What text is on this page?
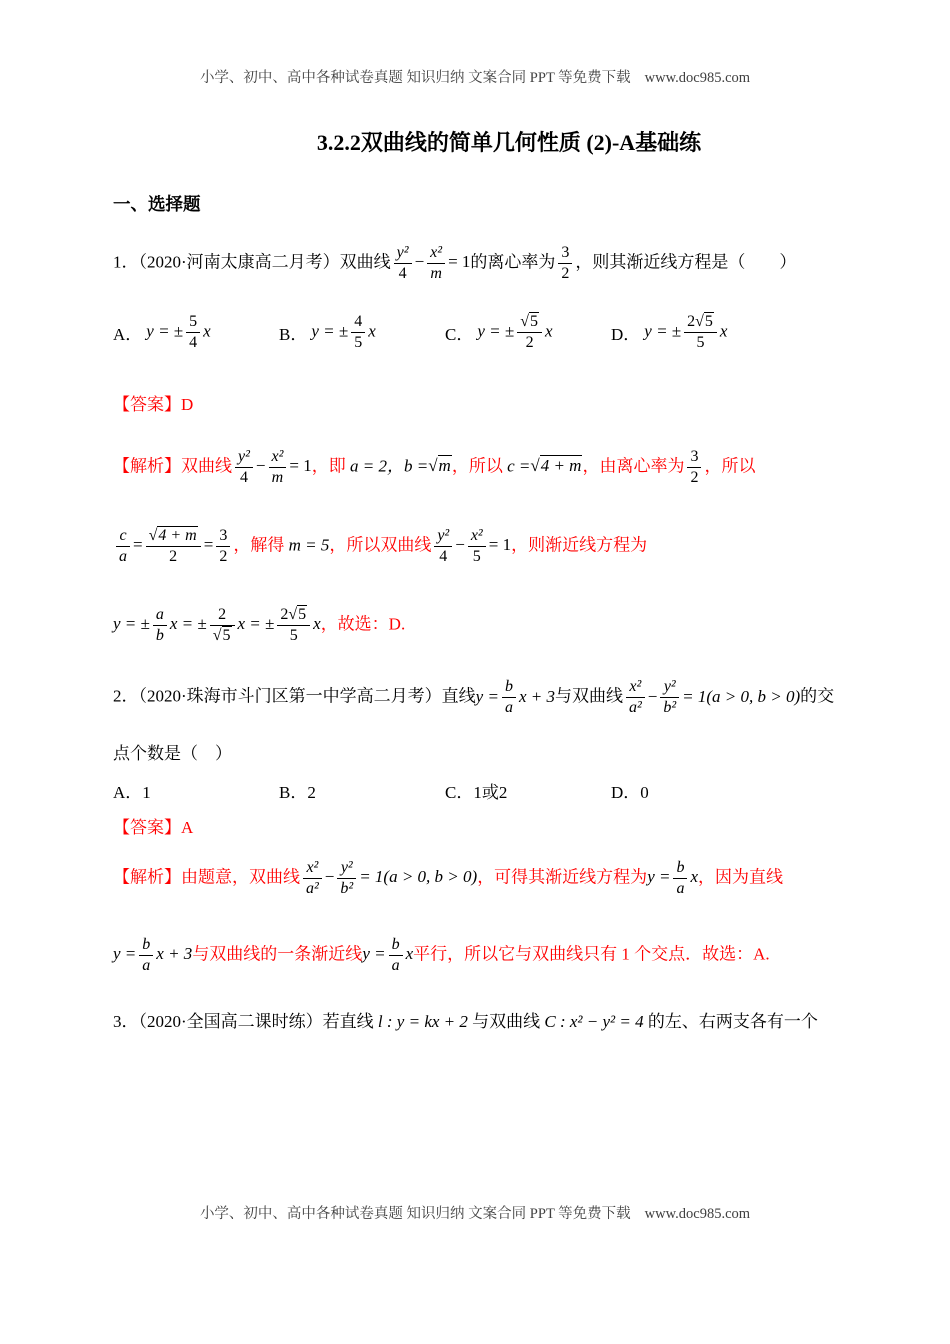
小学、初中、高中各种试卷真题 知识归纳 文案合同 PPT 等免费下载 www.doc985.com
3.2.2双曲线的简单几何性质 (2)-A基础练
一、选择题
1．（2020·河南太康高二月考）双曲线 $\frac{\text{y²}}{4} - \frac{\text{x²}}{m} = 1$的离心率为 $\frac{3}{2}$ ，则其渐近线方程是（　　）
A． y = ± $\frac{5}{4}$ x	B． y = ± $\frac{4}{5}$ x	C． y = ± √ $\frac{5}{2}$ x	D． y = ± $\frac{2 √ 5}{5}$ x
【答案】D
【解析】双曲线 $\frac{\text{y²}}{4} - \frac{\text{x²}}{m} = 1$，即 a = 2，b = √ m，所以 c = √ 4 + m，由离心率为 $\frac{3}{2}$ ，所以
$\frac{c}{a}$ = √ $\frac{4 + m}{2} = \frac{3}{2}$ ，解得 m = 5，所以双曲线 $\frac{\text{y²}}{4} - \frac{\text{x²}}{5} = 1$，则渐近线方程为
y = ± $\frac{a}{b}$ x = ± 2
√ 5 x = ± $\frac{2 √ 5}{5}$ x，故选：D.
2．（2020·珠海市斗门区第一中学高二月考）直线$y = \frac{b}{a}$ x + 3与双曲线 $\frac{\text{x²}}{\text{a²}} - \frac{\text{y²}}{\text{b²}} = 1(a > 0$, b > 0)的交
点个数是（　）
A．1	B．2	C．1或2	D．0
【答案】A
【解析】由题意，双曲线 $\frac{\text{x²}}{\text{a²}} - \frac{\text{y²}}{\text{b²}} = 1(a > 0$, b > 0)，可得其渐近线方程为$y = \frac{b}{a}$ x，因为直线
$y = \frac{b}{a}$ x + 3与双曲线的一条渐近线$y = \frac{b}{a}$ x平行，所以它与双曲线只有 1 个交点．故选：A.
3．（2020·全国高二课时练）若直线 l : y = kx + 2 与双曲线 C : x² − y² = 4 的左、右两支各有一个
小学、初中、高中各种试卷真题 知识归纳 文案合同 PPT 等免费下载 www.doc985.com
